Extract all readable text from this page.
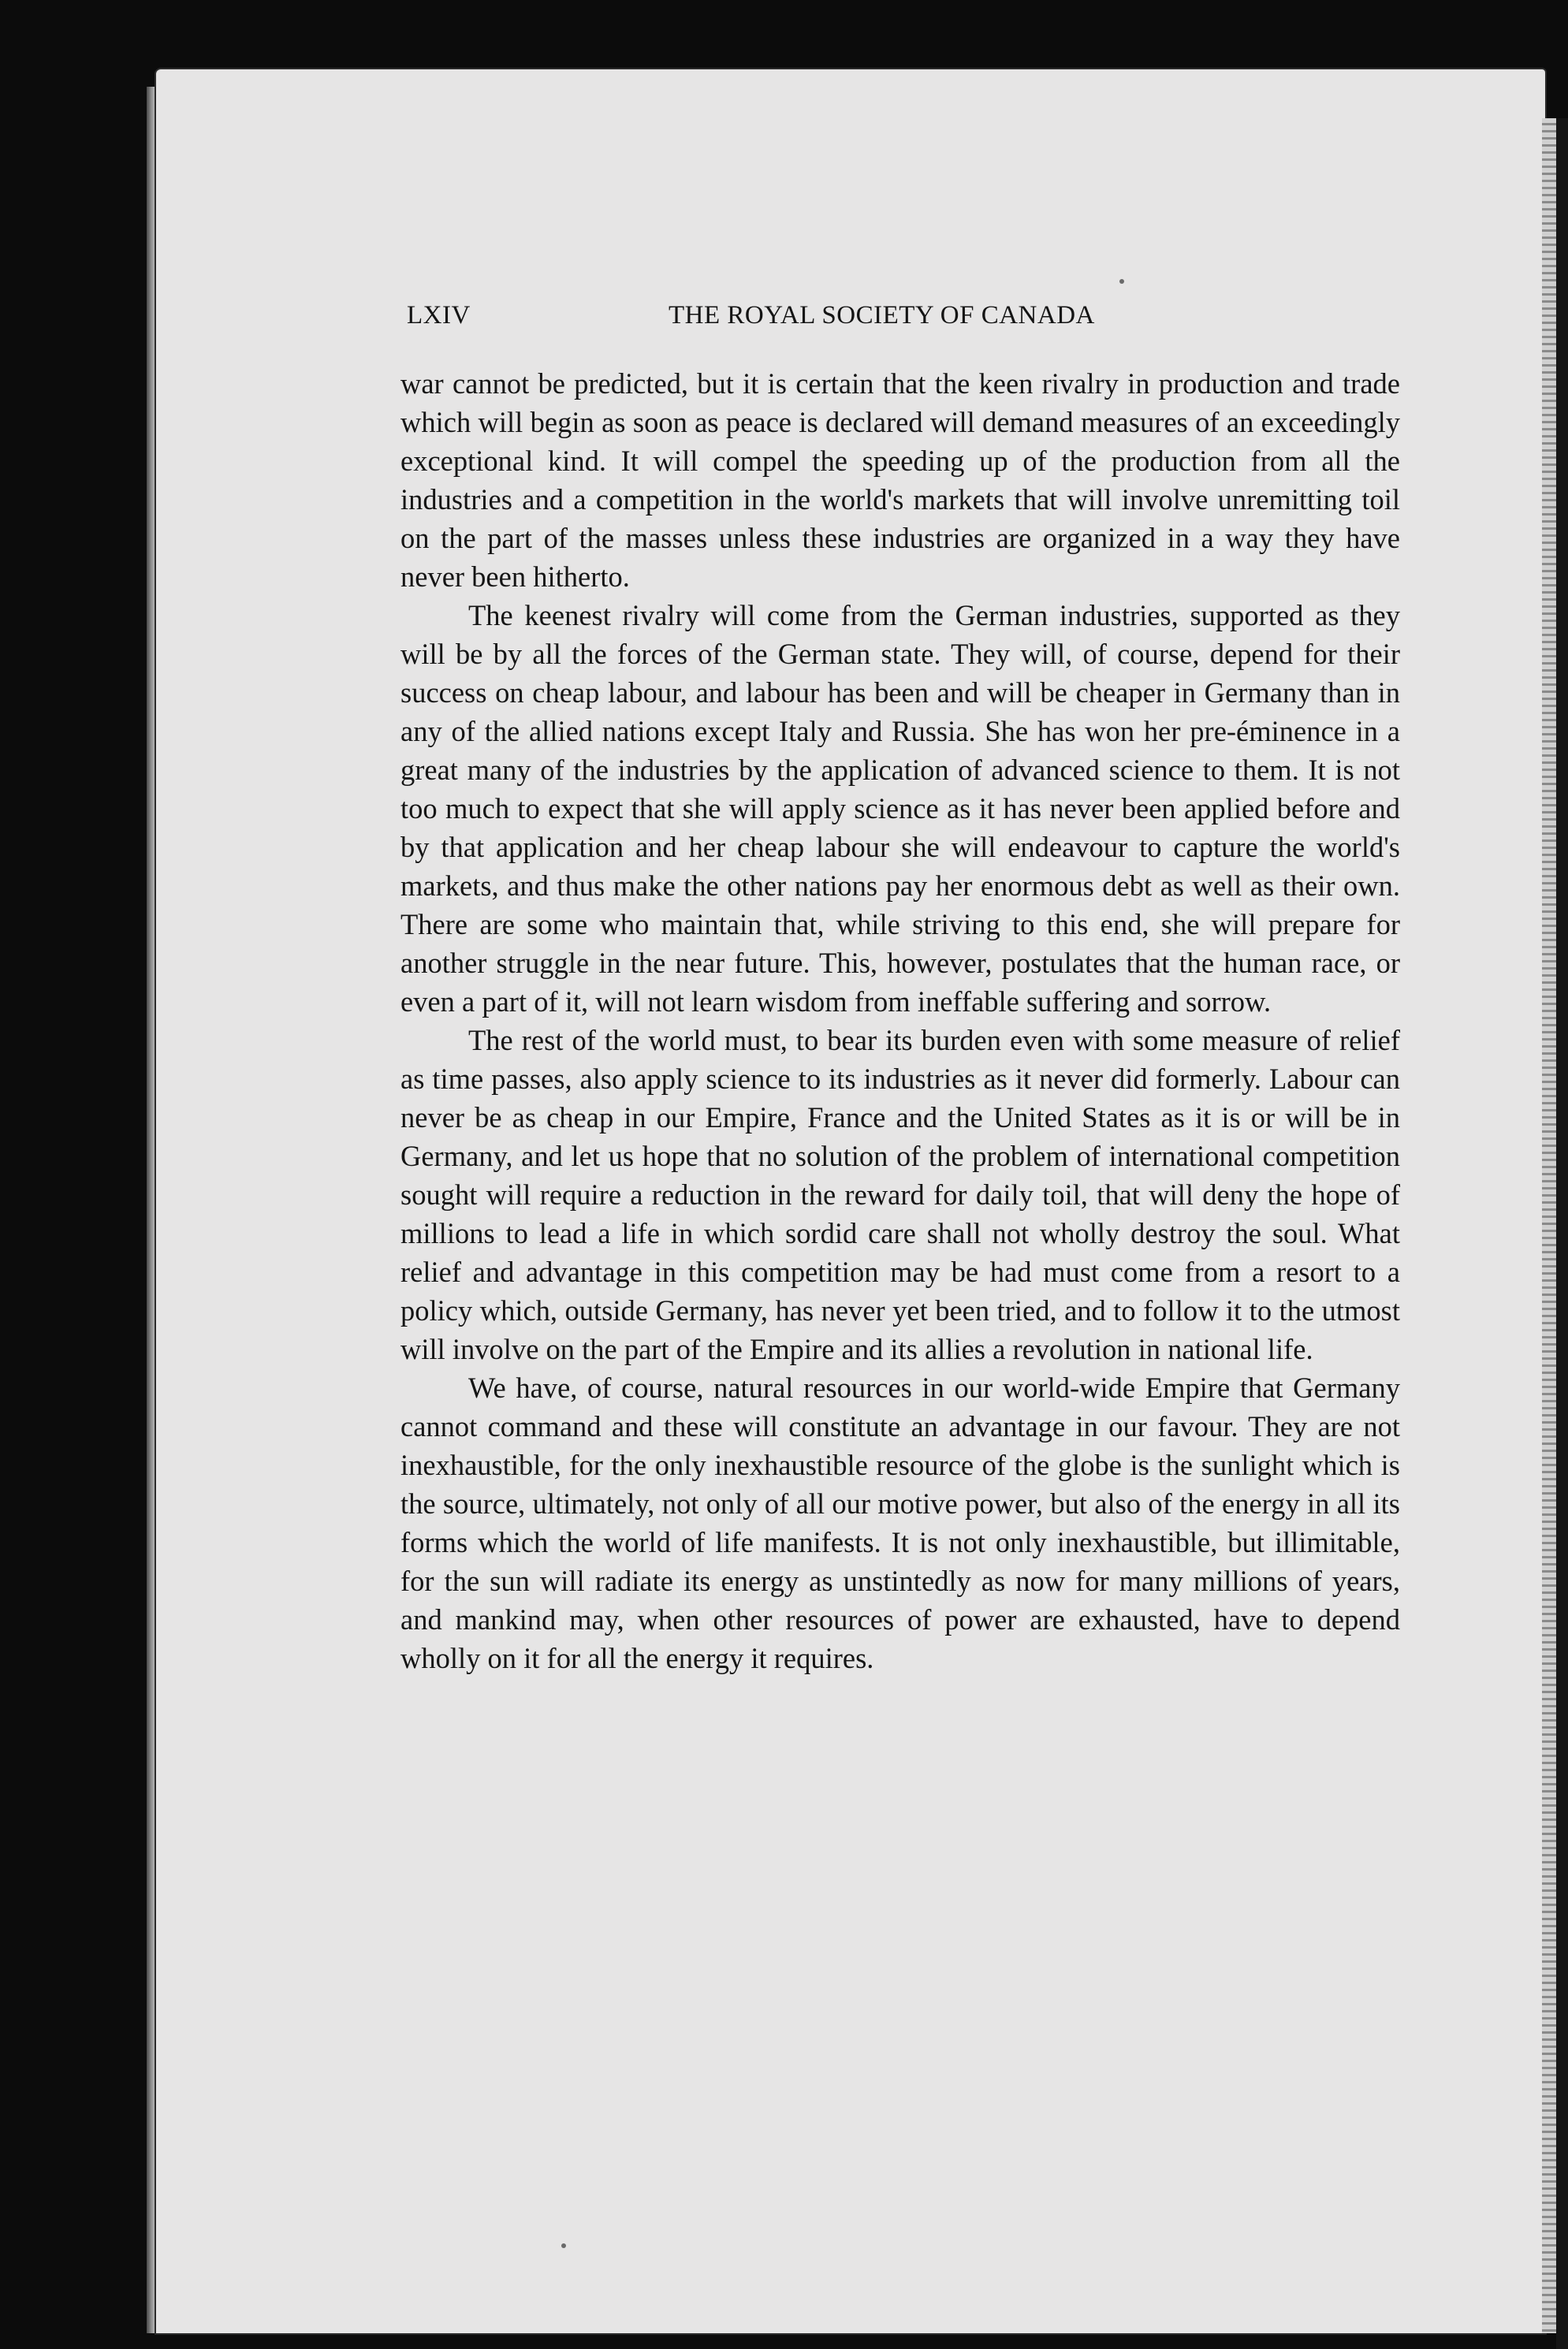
LXIV	THE ROYAL SOCIETY OF CANADA

war cannot be predicted, but it is certain that the keen rivalry in production and trade which will begin as soon as peace is declared will demand measures of an exceedingly exceptional kind. It will compel the speeding up of the production from all the industries and a competition in the world's markets that will involve unremitting toil on the part of the masses unless these industries are organized in a way they have never been hitherto.

The keenest rivalry will come from the German industries, supported as they will be by all the forces of the German state. They will, of course, depend for their success on cheap labour, and labour has been and will be cheaper in Germany than in any of the allied nations except Italy and Russia. She has won her pre-éminence in a great many of the industries by the application of advanced science to them. It is not too much to expect that she will apply science as it has never been applied before and by that application and her cheap labour she will endeavour to capture the world's markets, and thus make the other nations pay her enormous debt as well as their own. There are some who maintain that, while striving to this end, she will prepare for another struggle in the near future. This, however, postulates that the human race, or even a part of it, will not learn wisdom from ineffable suffering and sorrow.

The rest of the world must, to bear its burden even with some measure of relief as time passes, also apply science to its industries as it never did formerly. Labour can never be as cheap in our Empire, France and the United States as it is or will be in Germany, and let us hope that no solution of the problem of international competition sought will require a reduction in the reward for daily toil, that will deny the hope of millions to lead a life in which sordid care shall not wholly destroy the soul. What relief and advantage in this competition may be had must come from a resort to a policy which, outside Germany, has never yet been tried, and to follow it to the utmost will involve on the part of the Empire and its allies a revolution in national life.

We have, of course, natural resources in our world-wide Empire that Germany cannot command and these will constitute an advantage in our favour. They are not inexhaustible, for the only inexhaustible resource of the globe is the sunlight which is the source, ultimately, not only of all our motive power, but also of the energy in all its forms which the world of life manifests. It is not only inexhaustible, but illimitable, for the sun will radiate its energy as unstintedly as now for many millions of years, and mankind may, when other resources of power are exhausted, have to depend wholly on it for all the energy it requires.
